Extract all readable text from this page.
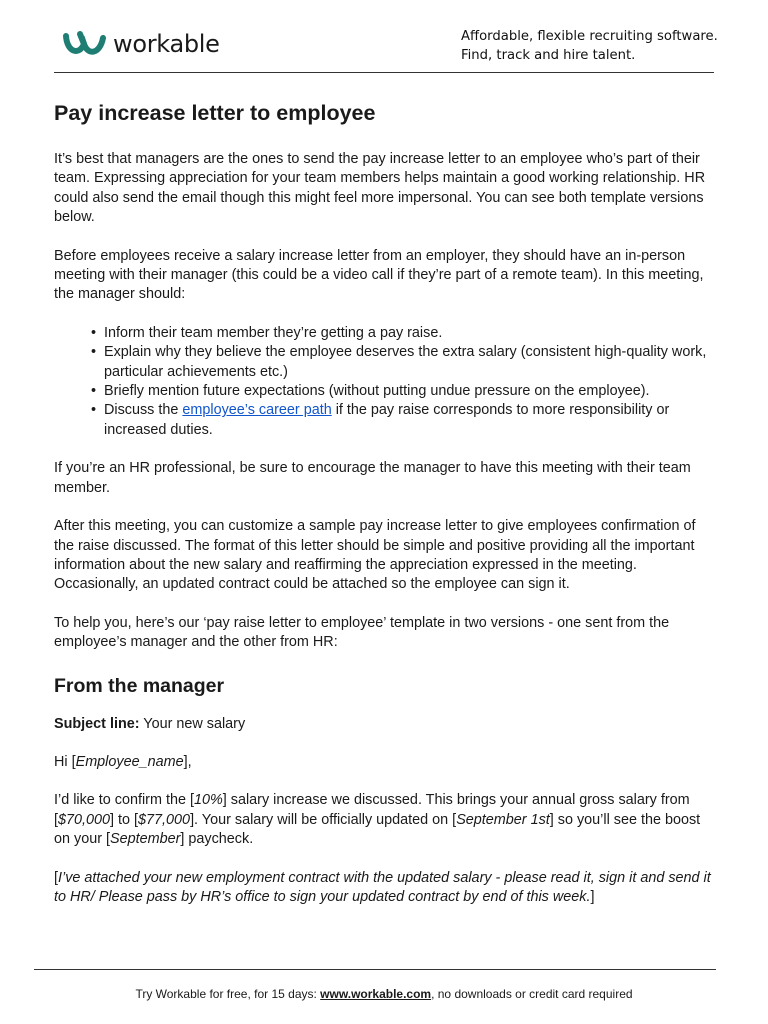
workable	Affordable, flexible recruiting software.
Find, track and hire talent.
Pay increase letter to employee

It’s best that managers are the ones to send the pay increase letter to an employee who’s part of their team. Expressing appreciation for your team members helps maintain a good working relationship. HR could also send the email though this might feel more impersonal. You can see both template versions below.

Before employees receive a salary increase letter from an employer, they should have an in-person meeting with their manager (this could be a video call if they’re part of a remote team). In this meeting, the manager should:

• Inform their team member they’re getting a pay raise.
• Explain why they believe the employee deserves the extra salary (consistent high-quality work, particular achievements etc.)
• Briefly mention future expectations (without putting undue pressure on the employee).
• Discuss the employee’s career path if the pay raise corresponds to more responsibility or increased duties.

If you’re an HR professional, be sure to encourage the manager to have this meeting with their team member.

After this meeting, you can customize a sample pay increase letter to give employees confirmation of the raise discussed. The format of this letter should be simple and positive providing all the important information about the new salary and reaffirming the appreciation expressed in the meeting. Occasionally, an updated contract could be attached so the employee can sign it.

To help you, here’s our ‘pay raise letter to employee’ template in two versions - one sent from the employee’s manager and the other from HR:

From the manager

Subject line: Your new salary

Hi [Employee_name],

I’d like to confirm the [10%] salary increase we discussed. This brings your annual gross salary from [$70,000] to [$77,000]. Your salary will be officially updated on [September 1st] so you’ll see the boost on your [September] paycheck.

[I’ve attached your new employment contract with the updated salary - please read it, sign it and send it to HR/ Please pass by HR’s office to sign your updated contract by end of this week.]

Try Workable for free, for 15 days: www.workable.com, no downloads or credit card required
